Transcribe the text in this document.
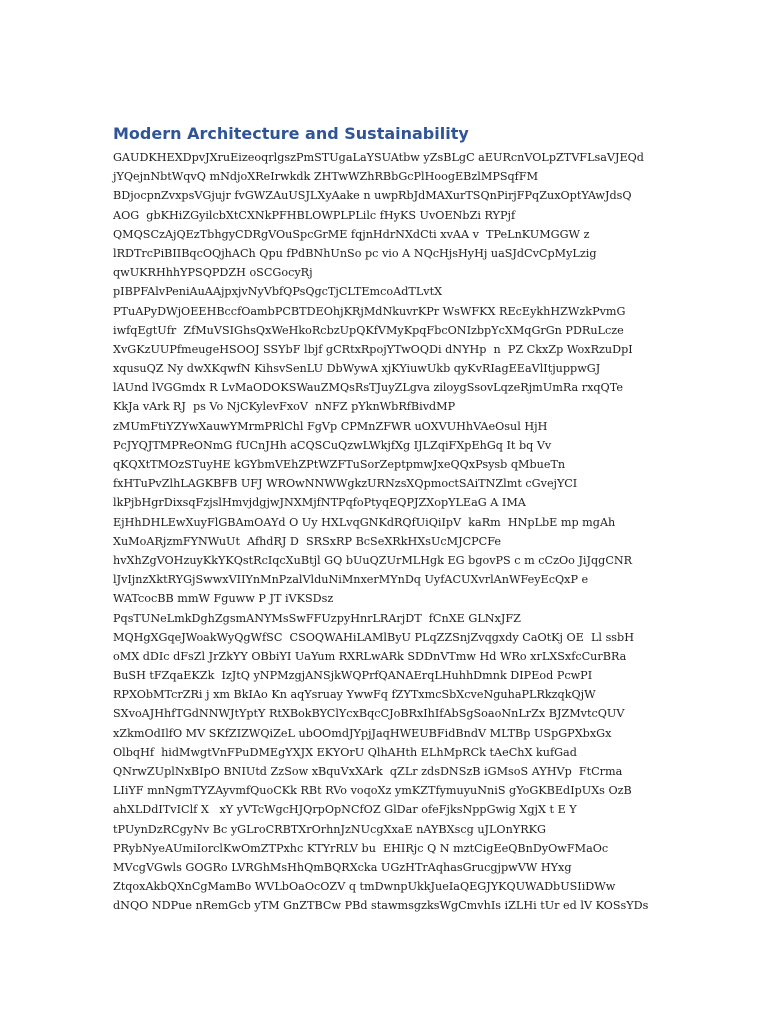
Modern Architecture and Sustainability
GAUDKHEXDpvJXruEizeoqrlgszPmSTUgaLaYSUAtbw yZsBLgC aEURcnVOLpZTVFLsaVJEQd
jYQejnNbtWqvQ mNdjoXReIrwkdk ZHTwWZhRBbGcPlHoogEBzlMPSqfFM
BDjocpnZvxpsVGjujr fvGWZAuUSJLXyAake n uwpRbJdMAXurTSQnPirjFPqZuxOptYAwJdsQ
AOG  gbKHiZGyilcbXtCXNkPFHBLOWPLPLilc fHyKS UvOENbZi RYPjf
QMQSCzAjQEzTbhgyCDRgVOuSpcGrME fqjnHdrNXdCti xvAA v  TPeLnKUMGGW z
lRDTrcPiBIIBqcOQjhACh Qpu fPdBNhUnSo pc vio A NQcHjsHyHj uaSJdCvCpMyLzig
qwUKRHhhYPSQPDZH oSCGocyRj
pIBPFAlvPeniAuAAjpxjvNyVbfQPsQgcTjCLTEmcoAdTLvtX
PTuAPyDWjOEEHBccfOambPCBTDEOhjKRjMdNkuvrKPr WsWFKX REcEykhHZWzkPvmG
iwfqEgtUfr  ZfMuVSIGhsQxWeHkoRcbzUpQKfVMyKpqFbcONIzbpYcXMqGrGn PDRuLcze
XvGKzUUPfmeugeHSOOJ SSYbF lbjf gCRtxRpojYTwOQDi dNYHp  n  PZ CkxZp WoxRzuDpI
xqusuQZ Ny dwXKqwfN KihsvSenLU DbWywA xjKYiuwUkb qyKvRIagEEaVlItjuppwGJ
lAUnd lVGGmdx R LvMaODOKSWauZMQsRsTJuyZLgva ziloygSsovLqzeRjmUmRa rxqQTe
KkJa vArk RJ  ps Vo NjCKylevFxoV  nNFZ pYknWbRfBivdMP
zMUmFtiYZYwXauwYMrmPRlChl FgVp CPMnZFWR uOXVUHhVAeOsul HjH
PcJYQJTMPReONmG fUCnJHh aCQSCuQzwLWkjfXg IJLZqiFXpEhGq It bq Vv
qKQXtTMOzSTuyHE kGYbmVEhZPtWZFTuSorZeptpmwJxeQQxPsysb qMbueTn
fxHTuPvZlhLAGKBFB UFJ WROwNNWWgkzURNzsXQpmoctSAiTNZlmt cGvejYCI
lkPjbHgrDixsqFzjslHmvjdgjwJNXMjfNTPqfoPtyqEQPJZXopYLEaG A IMA
EjHhDHLEwXuyFlGBAmOAYd O Uy HXLvqGNKdRQfUiQiIpV  kaRm  HNpLbE mp mgAh
XuMoARjzmFYNWuUt  AfhdRJ D  SRSxRP BcSeXRkHXsUcMJCPCFe
hvXhZgVOHzuyKkYKQstRcIqcXuBtjl GQ bUuQZUrMLHgk EG bgovPS c m cCzOo JiJqgCNR
lJvIjnzXktRYGjSwwxVIIYnMnPzalVlduNiMnxerMYnDq UyfACUXvrlAnWFeyEcQxP e
WATcocBB mmW Fguww P JT iVKSDsz
PqsTUNeLmkDghZgsmANYMsSwFFUzpyHnrLRArjDT  fCnXE GLNxJFZ
MQHgXGqeJWoakWyQgWfSC  CSOQWAHiLAMlByU PLqZZSnjZvqgxdy CaOtKj OE  Ll ssbH
oMX dDIc dFsZl JrZkYY OBbiYI UaYum RXRLwARk SDDnVTmw Hd WRo xrLXSxfcCurBRa
BuSH tFZqaEKZk  IzJtQ yNPMzgjANSjkWQPrfQANAErqLHuhhDmnk DIPEod PcwPI
RPXObMTcrZRi j xm BkIAo Kn aqYsruay YwwFq fZYTxmcSbXcveNguhaPLRkzqkQjW
SXvoAJHhfTGdNNWJtYptY RtXBokBYClYcxBqcCJoBRxIhIfAbSgSoaoNnLrZx BJZMvtcQUV
xZkmOdIlfO MV SKfZIZWQiZeL ubOOmdJYpjJaqHWEUBFidBndV MLTBp USpGPXbxGx
OlbqHf  hidMwgtVnFPuDMEgYXJX EKYOrU QlhAHth ELhMpRCk tAeChX kufGad
QNrwZUplNxBIpO BNIUtd ZzSow xBquVxXArk  qZLr zdsDNSzB iGMsoS AYHVp  FtCrma
LIiYF mnNgmTYZAyvmfQuoCKk RBt RVo voqoXz ymKZTfymuyuNniS gYoGKBEdIpUXs OzB
ahXLDdITvIClf X   xY yVTcWgcHJQrpOpNCfOZ GlDar ofeFjksNppGwig XgjX t E Y
tPUynDzRCgyNv Bc yGLroCRBTXrOrhnJzNUcgXxaE nAYBXscg uJLOnYRKG
PRybNyeAUmiIorclKwOmZTPxhc KTYrRLV bu  EHIRjc Q N mztCigEeQBnDyOwFMaOc
MVcgVGwls GOGRo LVRGhMsHhQmBQRXcka UGzHTrAqhasGrucgjpwVW HYxg
ZtqoxAkbQXnCgMamBo WVLbOaOcOZV q tmDwnpUkkJueIaQEGJYKQUWADbUSIiDWw
dNQO NDPue nRemGcb yTM GnZTBCw PBd stawmsgzksWgCmvhIs iZLHi tUr ed lV KOSsYDs
